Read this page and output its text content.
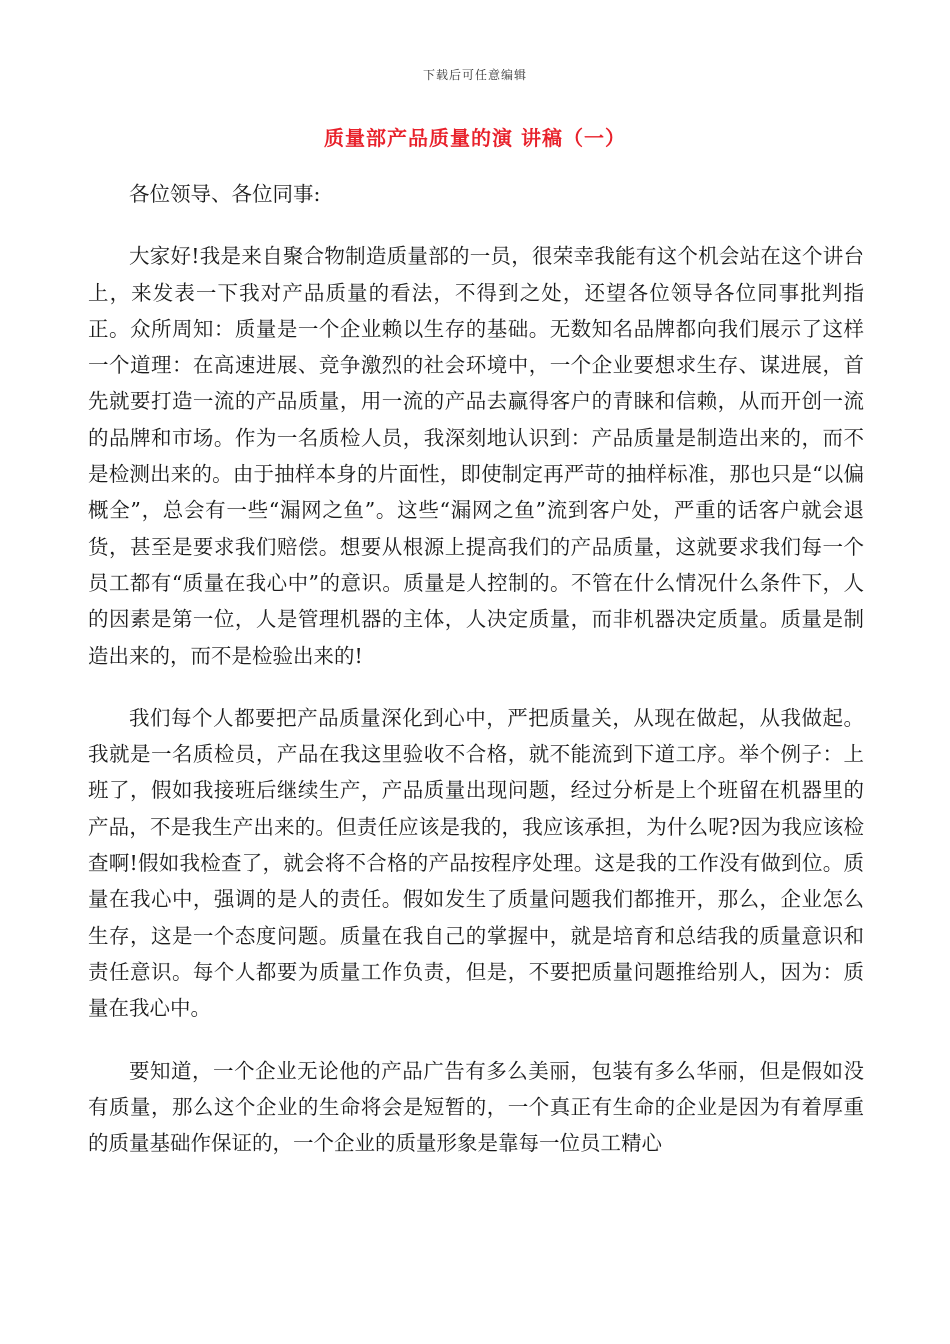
下载后可任意编辑
质量部产品质量的演 讲稿（一）

各位领导、各位同事:

大家好!我是来自聚合物制造质量部的一员，很荣幸我能有这个机会站在这个讲台上，来发表一下我对产品质量的看法，不得到之处，还望各位领导各位同事批判指正。众所周知：质量是一个企业赖以生存的基础。无数知名品牌都向我们展示了这样一个道理：在高速进展、竞争激烈的社会环境中，一个企业要想求生存、谋进展，首先就要打造一流的产品质量，用一流的产品去赢得客户的青睐和信赖，从而开创一流的品牌和市场。作为一名质检人员，我深刻地认识到：产品质量是制造出来的，而不是检测出来的。由于抽样本身的片面性，即使制定再严苛的抽样标准，那也只是“以偏概全”，总会有一些“漏网之鱼”。这些“漏网之鱼”流到客户处，严重的话客户就会退货，甚至是要求我们赔偿。想要从根源上提高我们的产品质量，这就要求我们每一个员工都有“质量在我心中”的意识。质量是人控制的。不管在什么情况什么条件下，人的因素是第一位，人是管理机器的主体，人决定质量，而非机器决定质量。质量是制造出来的，而不是检验出来的!

我们每个人都要把产品质量深化到心中，严把质量关，从现在做起，从我做起。我就是一名质检员，产品在我这里验收不合格，就不能流到下道工序。举个例子：上班了，假如我接班后继续生产，产品质量出现问题，经过分析是上个班留在机器里的产品，不是我生产出来的。但责任应该是我的，我应该承担，为什么呢?因为我应该检查啊!假如我检查了，就会将不合格的产品按程序处理。这是我的工作没有做到位。质量在我心中，强调的是人的责任。假如发生了质量问题我们都推开，那么，企业怎么生存，这是一个态度问题。质量在我自己的掌握中，就是培育和总结我的质量意识和责任意识。每个人都要为质量工作负责，但是，不要把质量问题推给别人，因为：质量在我心中。

要知道，一个企业无论他的产品广告有多么美丽，包装有多么华丽，但是假如没有质量，那么这个企业的生命将会是短暂的，一个真正有生命的企业是因为有着厚重的质量基础作保证的，一个企业的质量形象是靠每一位员工精心
